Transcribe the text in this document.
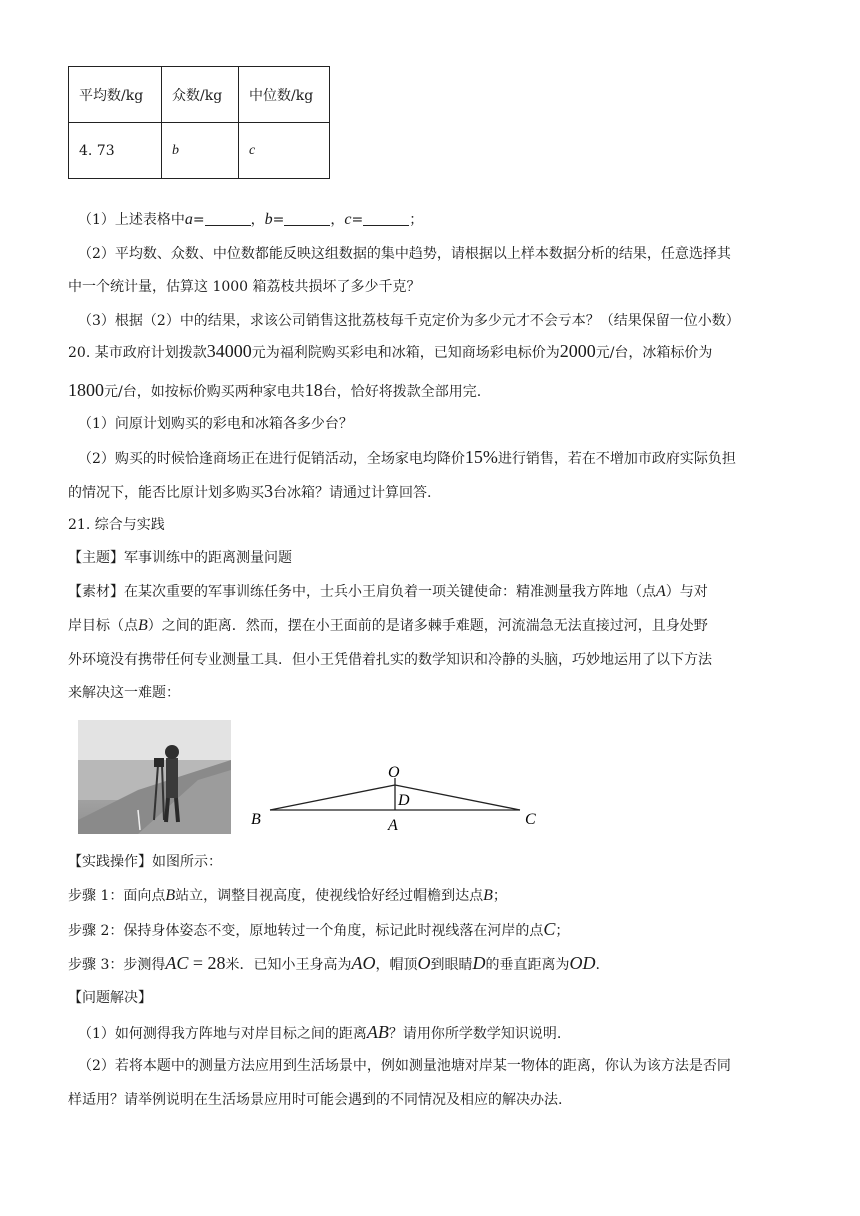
平均数/kg	众数/kg	中位数/kg
4. 73	b	c
（1）上述表格中a=	，b=	，c=	；
（2）平均数、众数、中位数都能反映这组数据的集中趋势，请根据以上样本数据分析的结果，任意选择其
中一个统计量，估算这 1000 箱荔枝共损坏了多少千克？
（3）根据（2）中的结果，求该公司销售这批荔枝每千克定价为多少元才不会亏本？（结果保留一位小数）
20. 某市政府计划拨款34000元为福利院购买彩电和冰箱，已知商场彩电标价为2000元/台，冰箱标价为
1800元/台，如按标价购买两种家电共18台，恰好将拨款全部用完.
（1）问原计划购买的彩电和冰箱各多少台？
（2）购买的时候恰逢商场正在进行促销活动，全场家电均降价15%进行销售，若在不增加市政府实际负担
的情况下，能否比原计划多购买3台冰箱？请通过计算回答.
21. 综合与实践
【主题】军事训练中的距离测量问题
【素材】在某次重要的军事训练任务中，士兵小王肩负着一项关键使命：精准测量我方阵地（点A）与对
岸目标（点B）之间的距离．然而，摆在小王面前的是诸多棘手难题，河流湍急无法直接过河，且身处野
外环境没有携带任何专业测量工具．但小王凭借着扎实的数学知识和冷静的头脑，巧妙地运用了以下方法
来解决这一难题：
O
D
B	A	C
【实践操作】如图所示：
步骤 1：面向点B站立，调整目视高度，使视线恰好经过帽檐到达点B；
步骤 2：保持身体姿态不变，原地转过一个角度，标记此时视线落在河岸的点C；
步骤 3：步测得AC = 28米．已知小王身高为AO，帽顶O到眼睛D的垂直距离为OD.
【问题解决】
（1）如何测得我方阵地与对岸目标之间的距离AB？请用你所学数学知识说明.
（2）若将本题中的测量方法应用到生活场景中，例如测量池塘对岸某一物体的距离，你认为该方法是否同
样适用？请举例说明在生活场景应用时可能会遇到的不同情况及相应的解决办法.
